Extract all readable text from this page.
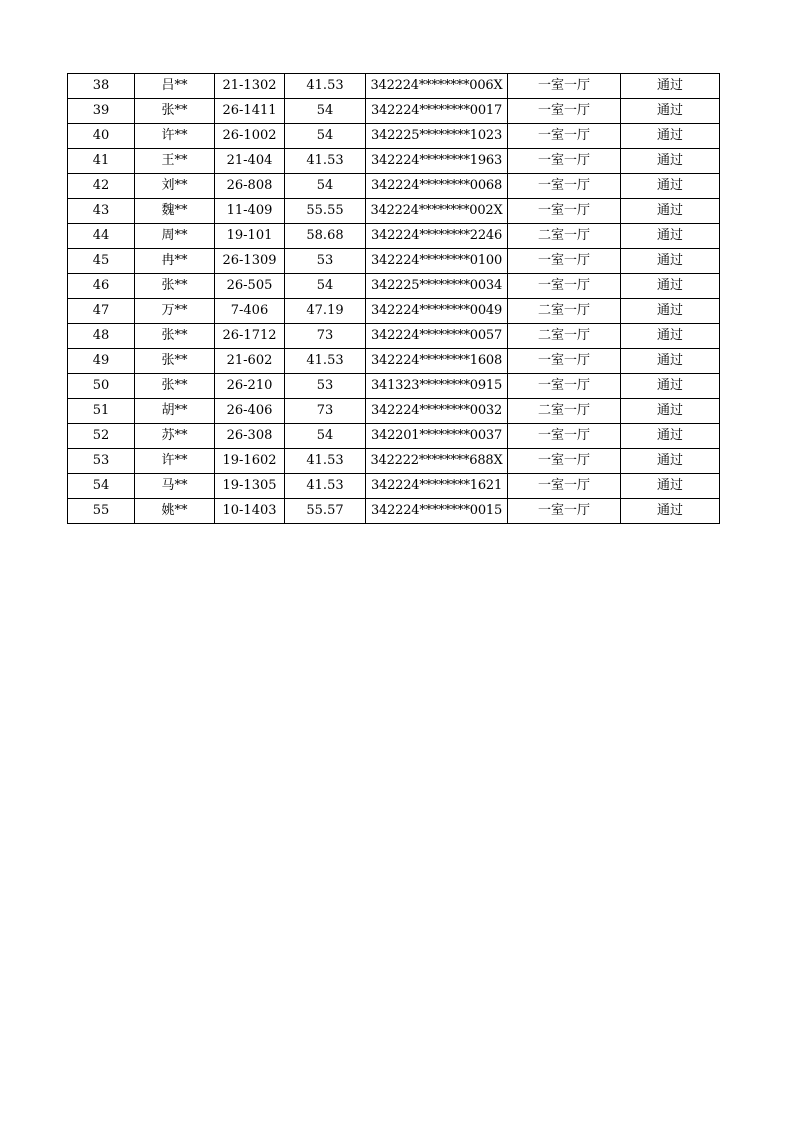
38	吕**	21-1302	41.53	342224********006X	一室一厅	通过
39	张**	26-1411	54	342224********0017	一室一厅	通过
40	许**	26-1002	54	342225********1023	一室一厅	通过
41	王**	21-404	41.53	342224********1963	一室一厅	通过
42	刘**	26-808	54	342224********0068	一室一厅	通过
43	魏**	11-409	55.55	342224********002X	一室一厅	通过
44	周**	19-101	58.68	342224********2246	二室一厅	通过
45	冉**	26-1309	53	342224********0100	一室一厅	通过
46	张**	26-505	54	342225********0034	一室一厅	通过
47	万**	7-406	47.19	342224********0049	二室一厅	通过
48	张**	26-1712	73	342224********0057	二室一厅	通过
49	张**	21-602	41.53	342224********1608	一室一厅	通过
50	张**	26-210	53	341323********0915	一室一厅	通过
51	胡**	26-406	73	342224********0032	二室一厅	通过
52	苏**	26-308	54	342201********0037	一室一厅	通过
53	许**	19-1602	41.53	342222********688X	一室一厅	通过
54	马**	19-1305	41.53	342224********1621	一室一厅	通过
55	姚**	10-1403	55.57	342224********0015	一室一厅	通过
